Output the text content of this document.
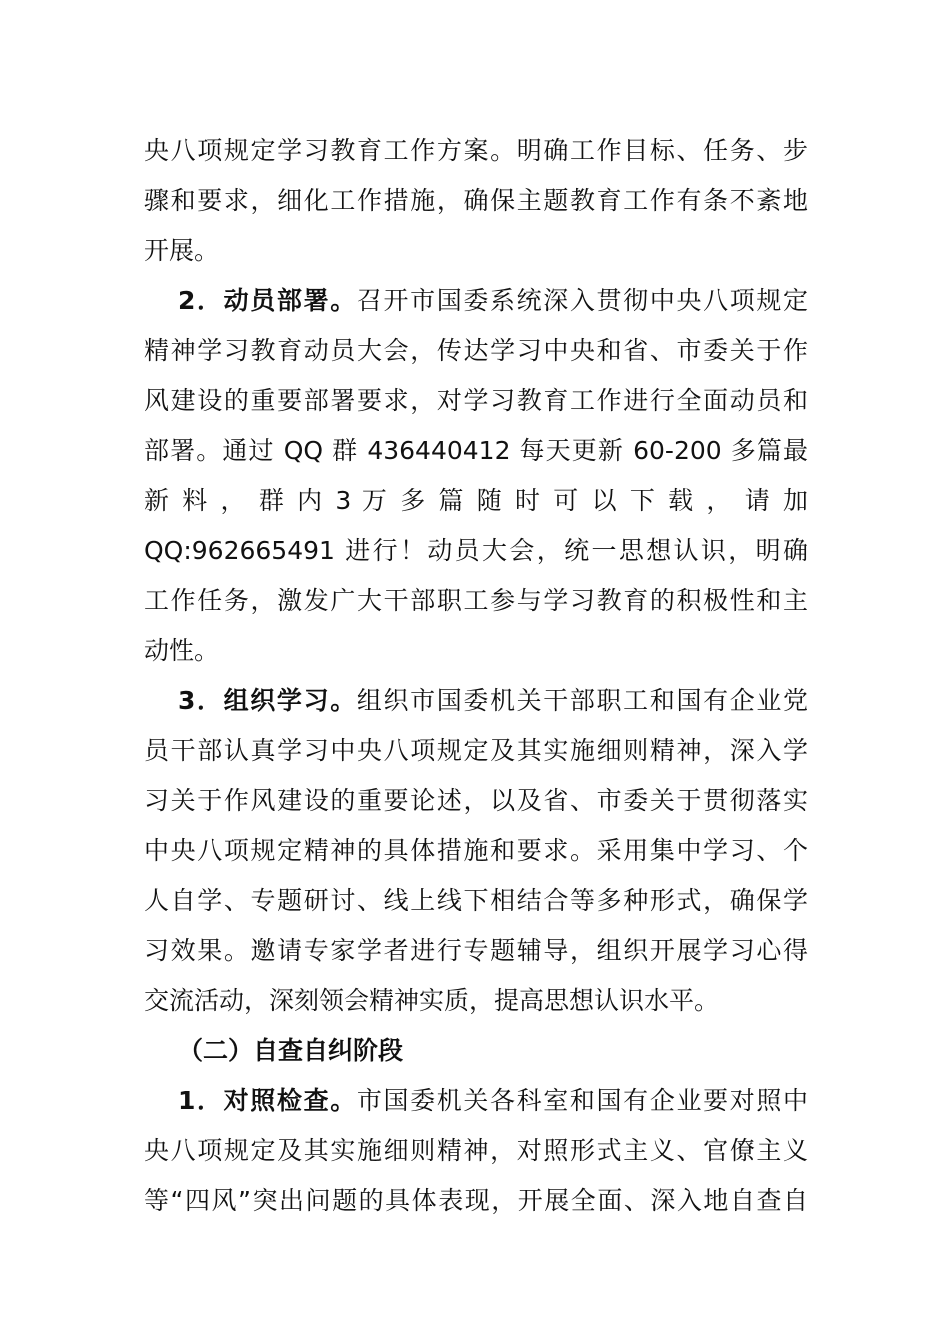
央八项规定学习教育工作方案。明确工作目标、任务、步
骤和要求，细化工作措施，确保主题教育工作有条不紊地
开展。
2．动员部署。召开市国委系统深入贯彻中央八项规定
精神学习教育动员大会，传达学习中央和省、市委关于作
风建设的重要部署要求，对学习教育工作进行全面动员和
部署。通过 QQ 群 436440412 每天更新 60-200 多篇最
新 料 ， 群 内 3 万 多 篇 随 时 可 以 下 载 ， 请 加
QQ:962665491 进行！动员大会，统一思想认识，明确
工作任务，激发广大干部职工参与学习教育的积极性和主
动性。
3．组织学习。组织市国委机关干部职工和国有企业党
员干部认真学习中央八项规定及其实施细则精神，深入学
习关于作风建设的重要论述，以及省、市委关于贯彻落实
中央八项规定精神的具体措施和要求。采用集中学习、个
人自学、专题研讨、线上线下相结合等多种形式，确保学
习效果。邀请专家学者进行专题辅导，组织开展学习心得
交流活动，深刻领会精神实质，提高思想认识水平。
（二）自查自纠阶段
1．对照检查。市国委机关各科室和国有企业要对照中
央八项规定及其实施细则精神，对照形式主义、官僚主义
等“四风”突出问题的具体表现，开展全面、深入地自查自
